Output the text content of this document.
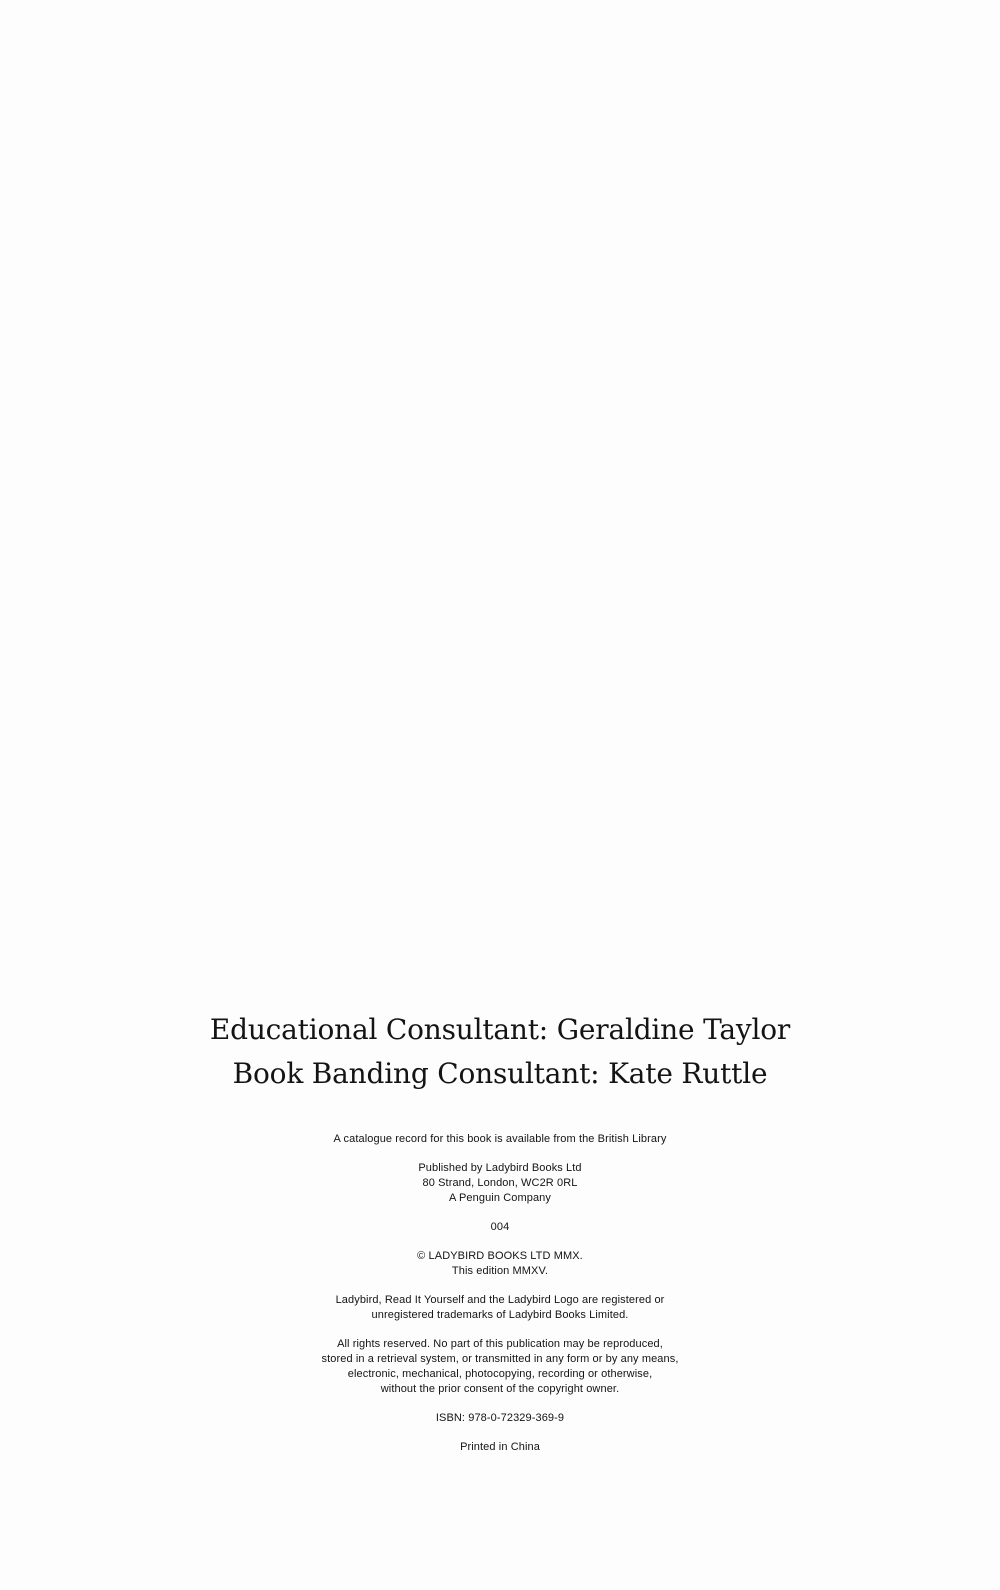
Educational Consultant: Geraldine Taylor
Book Banding Consultant: Kate Ruttle
A catalogue record for this book is available from the British Library
Published by Ladybird Books Ltd
80 Strand, London, WC2R 0RL
A Penguin Company
004
© LADYBIRD BOOKS LTD MMX.
This edition MMXV.
Ladybird, Read It Yourself and the Ladybird Logo are registered or
unregistered trademarks of Ladybird Books Limited.
All rights reserved. No part of this publication may be reproduced,
stored in a retrieval system, or transmitted in any form or by any means,
electronic, mechanical, photocopying, recording or otherwise,
without the prior consent of the copyright owner.
ISBN: 978-0-72329-369-9
Printed in China
